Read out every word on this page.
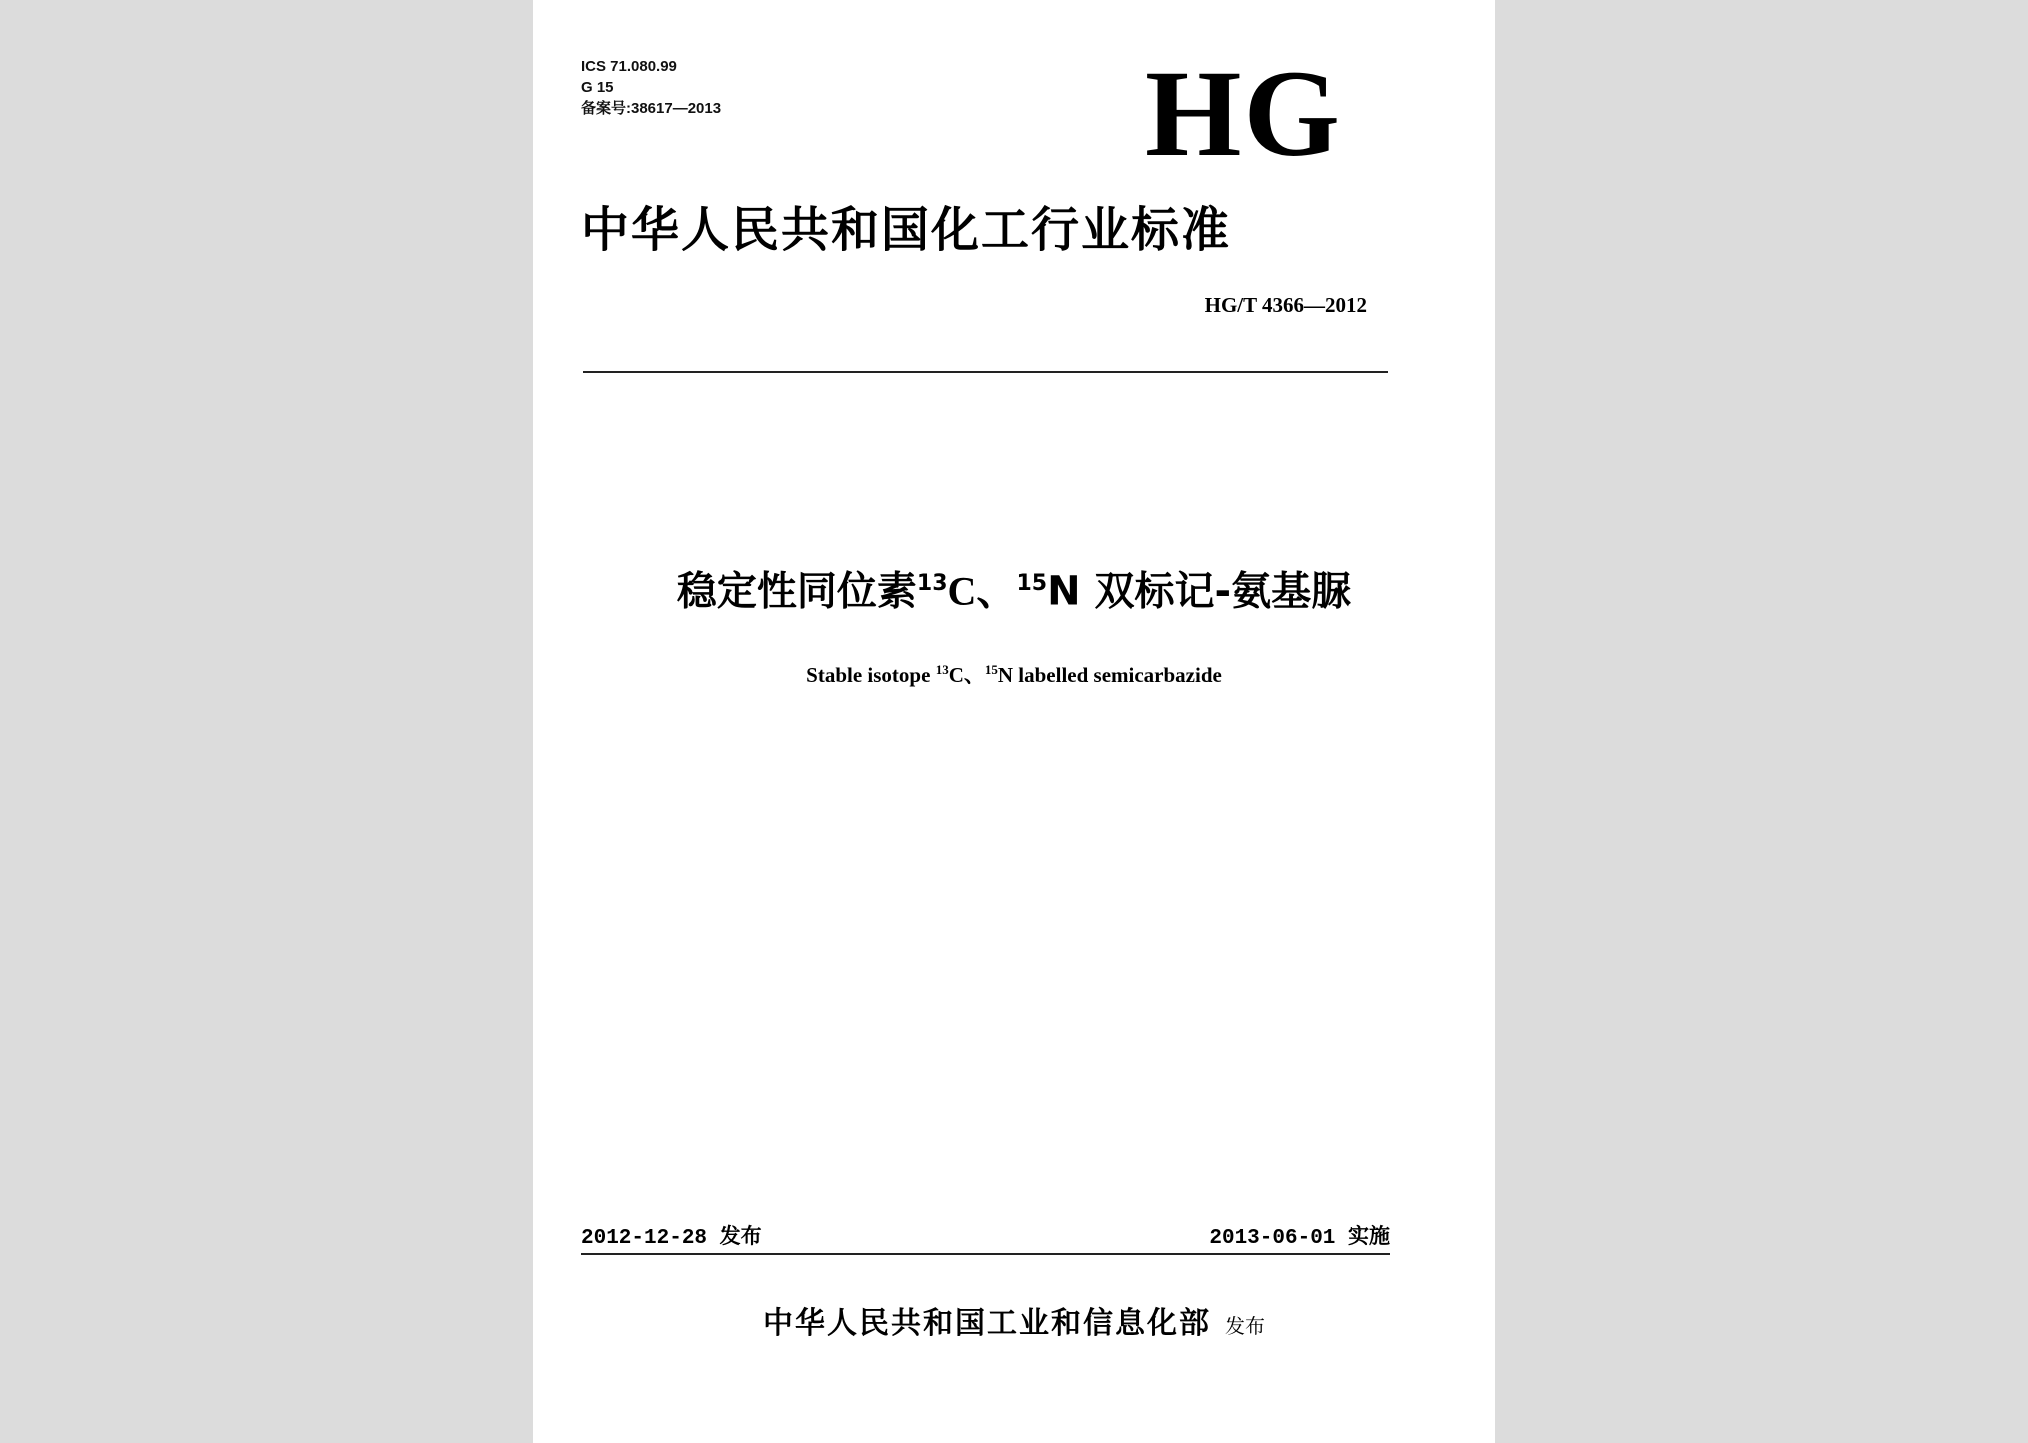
ICS 71.080.99
G 15
备案号:38617—2013	HG
中华人民共和国化工行业标准
HG/T 4366—2012
稳定性同位素$^{13}$C、$^{15}$N 双标记-氨基脲
Stable isotope $^{13}$C、$^{15}$N labelled semicarbazide
2012-12-28 发布	2013-06-01 实施
中华人民共和国工业和信息化部 发布
